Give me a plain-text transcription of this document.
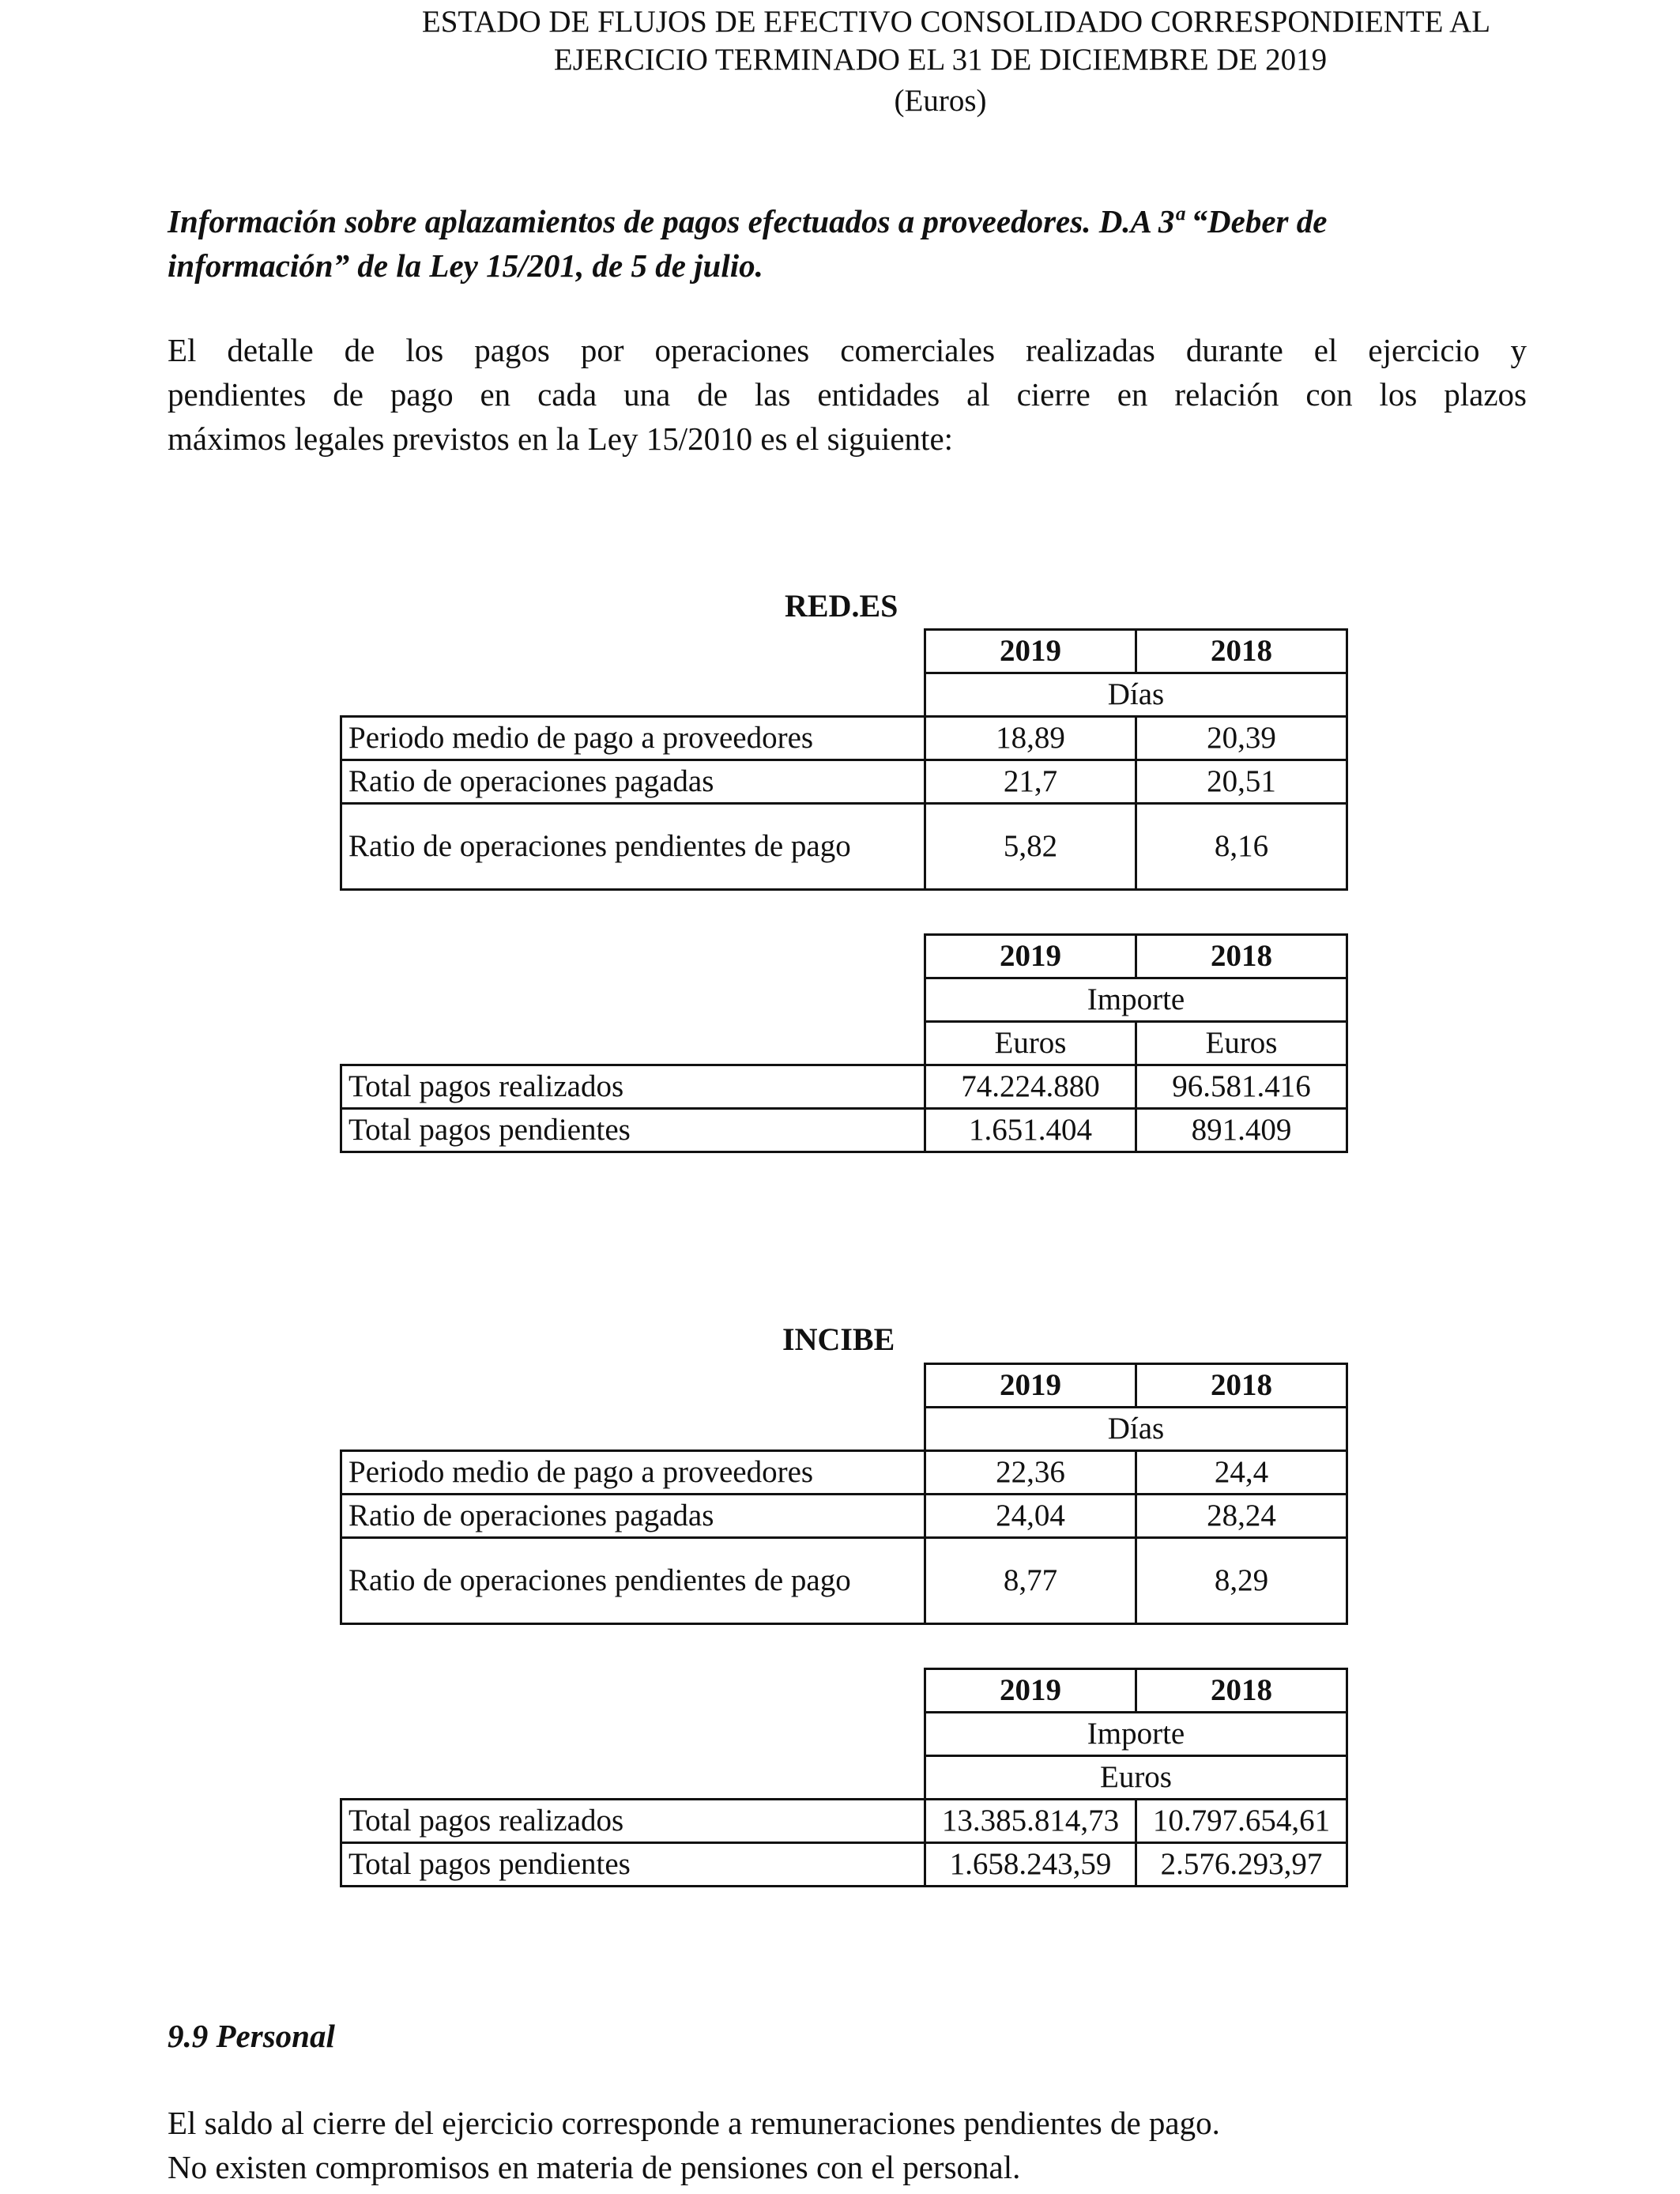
ESTADO DE FLUJOS DE EFECTIVO CONSOLIDADO CORRESPONDIENTE AL
EJERCICIO TERMINADO EL 31 DE DICIEMBRE DE 2019
(Euros)
Información sobre aplazamientos de pagos efectuados a proveedores. D.A 3ª “Deber de
información” de la Ley 15/201, de 5 de julio.
El detalle de los pagos por operaciones comerciales realizadas durante el ejercicio y
pendientes de pago en cada una de las entidades al cierre en relación con los plazos
máximos legales previstos en la Ley 15/2010 es el siguiente:
RED.ES
	2019	2018
	Días	
Periodo medio de pago a proveedores	18,89	20,39
Ratio de operaciones pagadas	21,7	20,51
Ratio de operaciones pendientes de pago	5,82	8,16
	2019	2018
	Importe	
	Euros	Euros
Total pagos realizados	74.224.880	96.581.416
Total pagos pendientes	1.651.404	891.409
INCIBE
	2019	2018
	Días	
Periodo medio de pago a proveedores	22,36	24,4
Ratio de operaciones pagadas	24,04	28,24
Ratio de operaciones pendientes de pago	8,77	8,29
	2019	2018
	Importe	
	Euros	
Total pagos realizados	13.385.814,73	10.797.654,61
Total pagos pendientes	1.658.243,59	2.576.293,97
9.9 Personal
El saldo al cierre del ejercicio corresponde a remuneraciones pendientes de pago.
No existen compromisos en materia de pensiones con el personal.
